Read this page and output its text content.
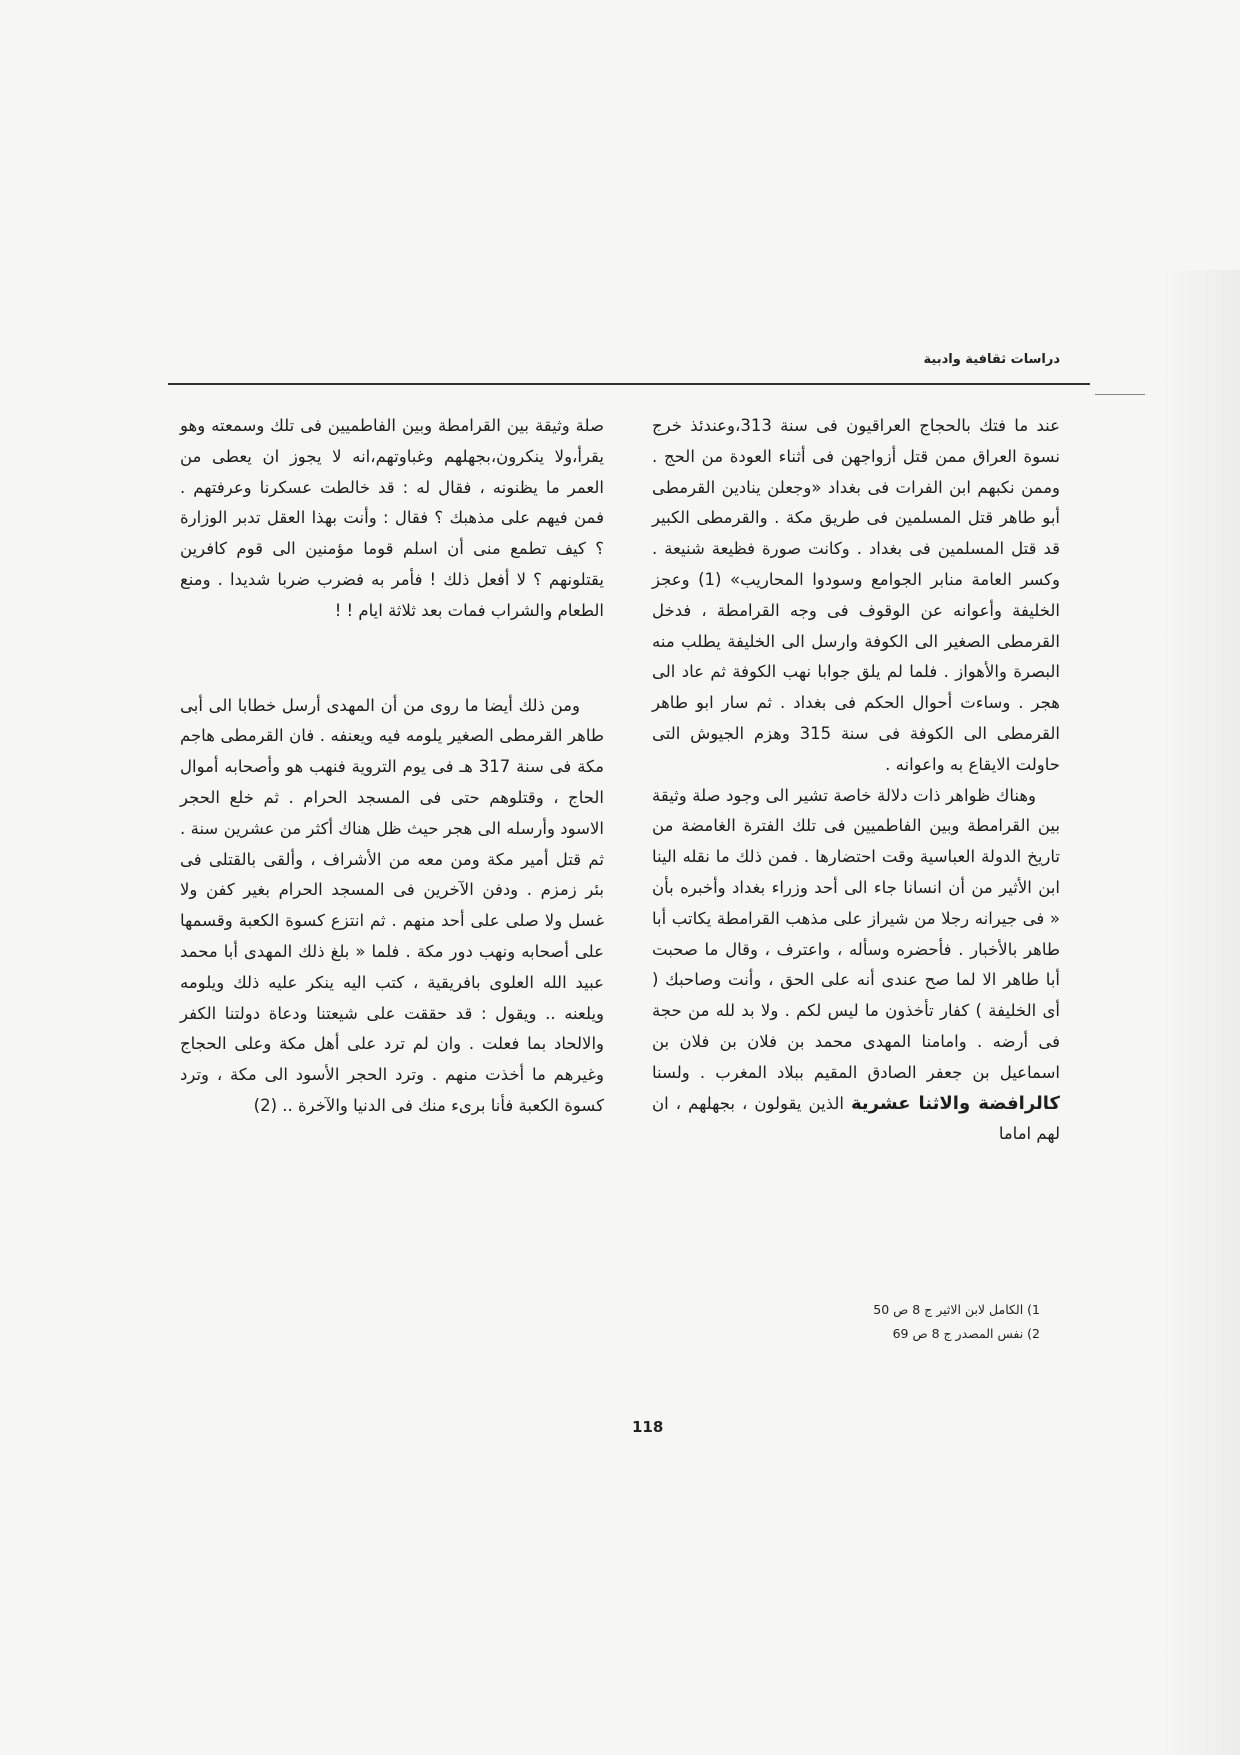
دراسات ثقافية وادبية

عند ما فتك بالحجاج العراقيون فى سنة 313،وعندئذ خرج نسوة العراق ممن قتل أزواجهن فى أثناء العودة من الحج . وممن نكبهم ابن الفرات فى بغداد «وجعلن ينادين القرمطى أبو طاهر قتل المسلمين فى طريق مكة . والقرمطى الكبير قد قتل المسلمين فى بغداد . وكانت صورة فظيعة شنيعة . وكسر العامة منابر الجوامع وسودوا المحاريب» (1) وعجز الخليفة وأعوانه عن الوقوف فى وجه القرامطة ، فدخل القرمطى الصغير الى الكوفة وارسل الى الخليفة يطلب منه البصرة والأهواز . فلما لم يلق جوابا نهب الكوفة ثم عاد الى هجر . وساءت أحوال الحكم فى بغداد . ثم سار ابو طاهر القرمطى الى الكوفة فى سنة 315 وهزم الجيوش التى حاولت الايقاع به واعوانه .

وهناك ظواهر ذات دلالة خاصة تشير الى وجود صلة وثيقة بين القرامطة وبين الفاطميين فى تلك الفترة الغامضة من تاريخ الدولة العباسية وقت احتضارها . فمن ذلك ما نقله الينا ابن الأثير من أن انسانا جاء الى أحد وزراء بغداد وأخبره بأن « فى جيرانه رجلا من شيراز على مذهب القرامطة يكاتب أبا طاهر بالأخبار . فأحضره وسأله ، واعترف ، وقال ما صحبت أبا طاهر الا لما صح عندى أنه على الحق ، وأنت وصاحبك ( أى الخليفة ) كفار تأخذون ما ليس لكم . ولا بد لله من حجة فى أرضه . وامامنا المهدى محمد بن فلان بن فلان بن اسماعيل بن جعفر الصادق المقيم ببلاد المغرب . ولسنا كالرافضة والاثنا عشرية الذين يقولون ، بجهلهم ، ان لهم اماما

صلة وثيقة بين القرامطة وبين الفاطميين فى تلك وسمعته وهو يقرأ،ولا ينكرون،بجهلهم وغباوتهم،انه لا يجوز ان يعطى من العمر ما يظنونه ، فقال له : قد خالطت عسكرنا وعرفتهم . فمن فيهم على مذهبك ؟ فقال : وأنت بهذا العقل تدبر الوزارة ؟ كيف تطمع منى أن اسلم قوما مؤمنين الى قوم كافرين يقتلونهم ؟ لا أفعل ذلك ! فأمر به فضرب ضربا شديدا . ومنع الطعام والشراب فمات بعد ثلاثة ايام ! !

ومن ذلك أيضا ما روى من أن المهدى أرسل خطابا الى أبى طاهر القرمطى الصغير يلومه فيه ويعنفه . فان القرمطى هاجم مكة فى سنة 317 هـ فى يوم التروية فنهب هو وأصحابه أموال الحاج ، وقتلوهم حتى فى المسجد الحرام . ثم خلع الحجر الاسود وأرسله الى هجر حيث ظل هناك أكثر من عشرين سنة . ثم قتل أمير مكة ومن معه من الأشراف ، وألقى بالقتلى فى بئر زمزم . ودفن الآخرين فى المسجد الحرام بغير كفن ولا غسل ولا صلى على أحد منهم . ثم انتزع كسوة الكعبة وقسمها على أصحابه ونهب دور مكة . فلما « بلغ ذلك المهدى أبا محمد عبيد الله العلوى بافريقية ، كتب اليه ينكر عليه ذلك ويلومه ويلعنه .. ويقول : قد حققت على شيعتنا ودعاة دولتنا الكفر والالحاد بما فعلت . وان لم ترد على أهل مكة وعلى الحجاج وغيرهم ما أخذت منهم . وترد الحجر الأسود الى مكة ، وترد كسوة الكعبة فأنا برىء منك فى الدنيا والآخرة .. (2)

1) الكامل لابن الاثير ج 8 ص 50
2) نفس المصدر ج 8 ص 69
118
